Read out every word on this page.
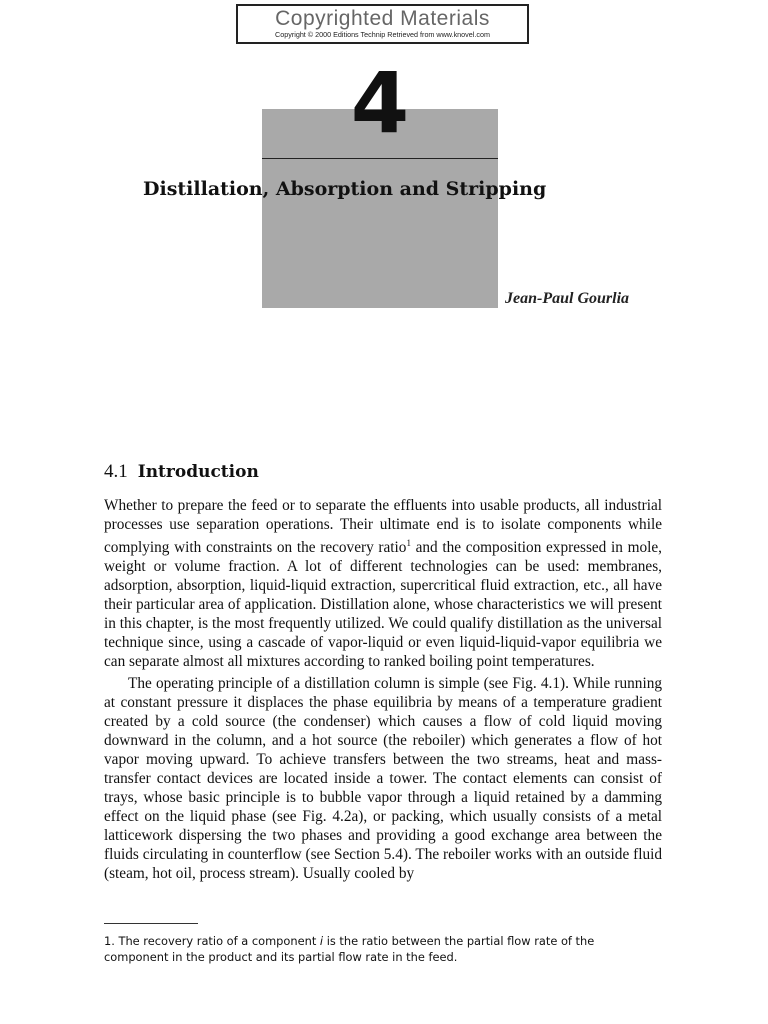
Copyrighted Materials
Copyright © 2000 Editions Technip Retrieved from www.knovel.com
4
Distillation, Absorption and Stripping
Jean-Paul Gourlia
4.1 Introduction

Whether to prepare the feed or to separate the effluents into usable products, all industrial processes use separation operations. Their ultimate end is to isolate components while complying with constraints on the recovery ratio$^1$ and the composition expressed in mole, weight or volume fraction. A lot of different technologies can be used: membranes, adsorption, absorption, liquid-liquid extraction, supercritical fluid extraction, etc., all have their particular area of application. Distillation alone, whose characteristics we will present in this chapter, is the most frequently utilized. We could qualify distillation as the universal technique since, using a cascade of vapor-liquid or even liquid-liquid-vapor equilibria we can separate almost all mixtures according to ranked boiling point temperatures.

The operating principle of a distillation column is simple (see Fig. 4.1). While running at constant pressure it displaces the phase equilibria by means of a temperature gradient created by a cold source (the condenser) which causes a flow of cold liquid moving downward in the column, and a hot source (the reboiler) which generates a flow of hot vapor moving upward. To achieve transfers between the two streams, heat and mass-transfer contact devices are located inside a tower. The contact elements can consist of trays, whose basic principle is to bubble vapor through a liquid retained by a damming effect on the liquid phase (see Fig. 4.2a), or packing, which usually consists of a metal latticework dispersing the two phases and providing a good exchange area between the fluids circulating in counterflow (see Section 5.4). The reboiler works with an outside fluid (steam, hot oil, process stream). Usually cooled by

1. The recovery ratio of a component i is the ratio between the partial flow rate of the component in the product and its partial flow rate in the feed.
